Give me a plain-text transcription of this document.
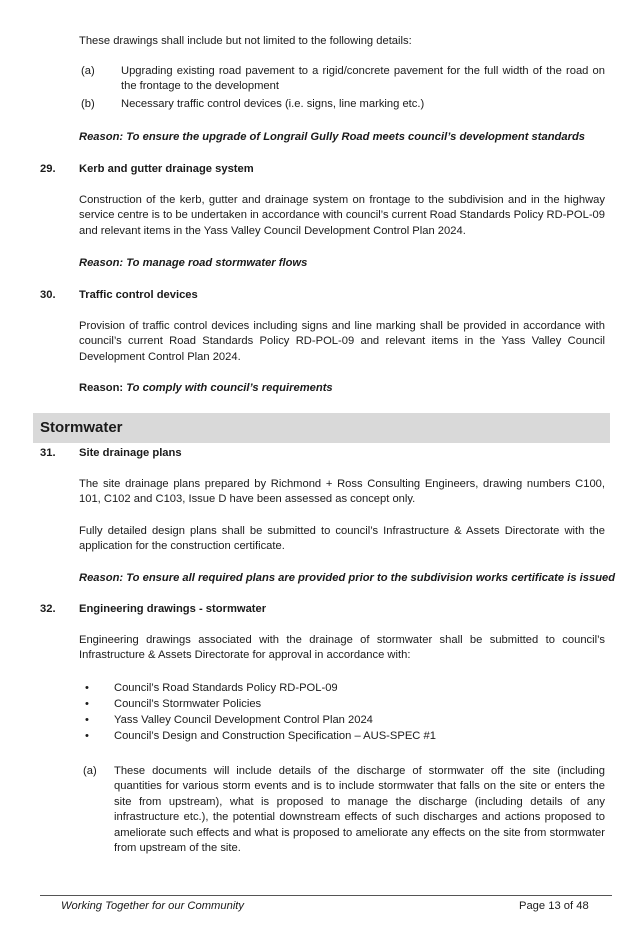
These drawings shall include but not limited to the following details:
(a) Upgrading existing road pavement to a rigid/concrete pavement for the full width of the road on the frontage to the development
(b) Necessary traffic control devices (i.e. signs, line marking etc.)
Reason: To ensure the upgrade of Longrail Gully Road meets council’s development standards
29. Kerb and gutter drainage system
Construction of the kerb, gutter and drainage system on frontage to the subdivision and in the highway service centre is to be undertaken in accordance with council’s current Road Standards Policy RD-POL-09 and relevant items in the Yass Valley Council Development Control Plan 2024.
Reason: To manage road stormwater flows
30. Traffic control devices
Provision of traffic control devices including signs and line marking shall be provided in accordance with council’s current Road Standards Policy RD-POL-09 and relevant items in the Yass Valley Council Development Control Plan 2024.
Reason: To comply with council’s requirements
Stormwater
31. Site drainage plans
The site drainage plans prepared by Richmond + Ross Consulting Engineers, drawing numbers C100, 101, C102 and C103, Issue D have been assessed as concept only.
Fully detailed design plans shall be submitted to council’s Infrastructure & Assets Directorate with the application for the construction certificate.
Reason: To ensure all required plans are provided prior to the subdivision works certificate is issued
32. Engineering drawings - stormwater
Engineering drawings associated with the drainage of stormwater shall be submitted to council’s Infrastructure & Assets Directorate for approval in accordance with:
• Council’s Road Standards Policy RD-POL-09
• Council’s Stormwater Policies
• Yass Valley Council Development Control Plan 2024
• Council’s Design and Construction Specification – AUS-SPEC #1
(a) These documents will include details of the discharge of stormwater off the site (including quantities for various storm events and is to include stormwater that falls on the site or enters the site from upstream), what is proposed to manage the discharge (including details of any infrastructure etc.), the potential downstream effects of such discharges and actions proposed to ameliorate such effects and what is proposed to ameliorate any effects on the site from stormwater from upstream of the site.
Working Together for our Community	Page 13 of 48
